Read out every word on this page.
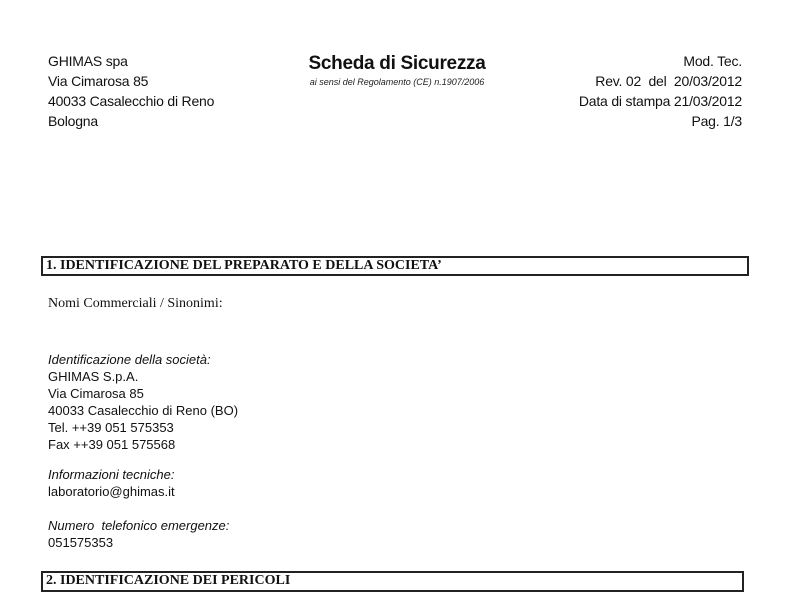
GHIMAS spa
Via Cimarosa 85
40033 Casalecchio di Reno
Bologna
Scheda di Sicurezza
ai sensi del Regolamento (CE) n.1907/2006
Mod. Tec.
Rev. 02  del  20/03/2012
Data di stampa 21/03/2012
Pag. 1/3
1. IDENTIFICAZIONE DEL PREPARATO E DELLA SOCIETA’
Nomi Commerciali / Sinonimi:
Identificazione della società:
GHIMAS S.p.A.
Via Cimarosa 85
40033 Casalecchio di Reno (BO)
Tel. ++39 051 575353
Fax ++39 051 575568
Informazioni tecniche:
laboratorio@ghimas.it
Numero  telefonico emergenze:
051575353
2. IDENTIFICAZIONE DEI PERICOLI
